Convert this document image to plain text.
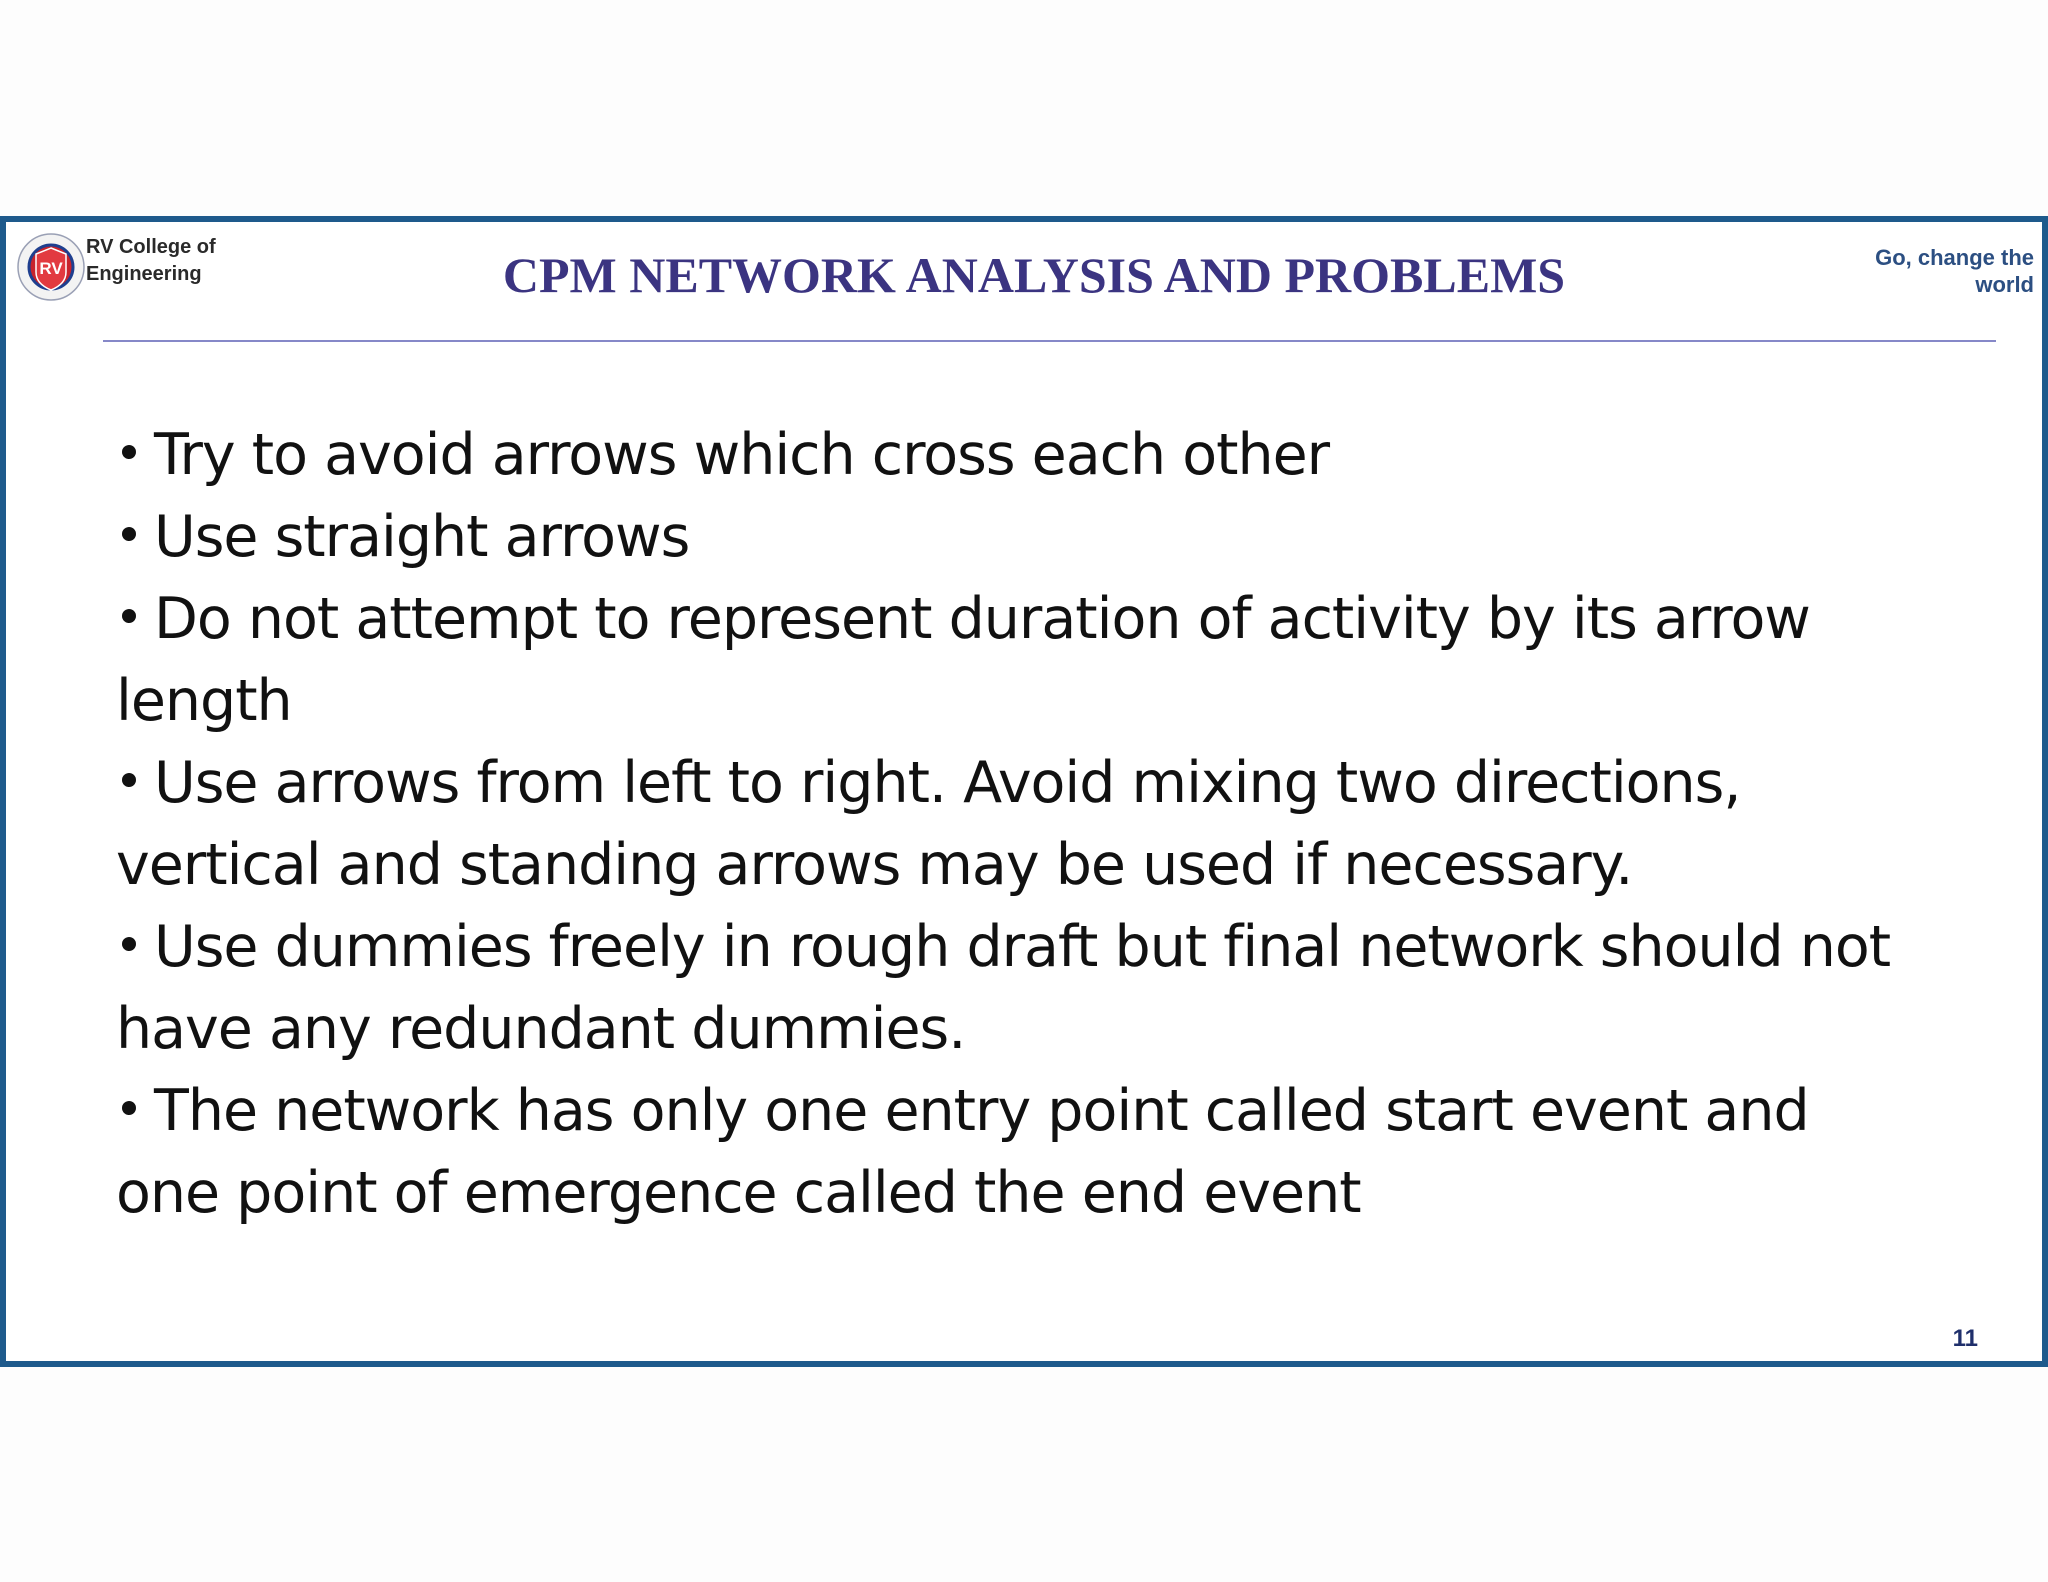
RV
RV College of
Engineering	CPM NETWORK ANALYSIS AND PROBLEMS	Go, change the
world

Try to avoid arrows which cross each other

Use straight arrows

Do not attempt to represent duration of activity by its arrow length

Use arrows from left to right. Avoid mixing two directions, vertical and standing arrows may be used if necessary.

Use dummies freely in rough draft but final network should not have any redundant dummies.

The network has only one entry point called start event and one point of emergence called the end event

11
